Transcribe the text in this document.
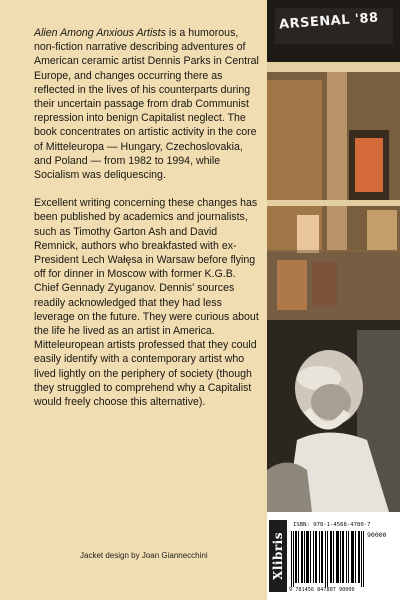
Alien Among Anxious Artists is a humorous, non-fiction narrative describing adventures of American ceramic artist Dennis Parks in Central Europe, and changes occurring there as reflected in the lives of his counterparts during their uncertain passage from drab Communist repression into benign Capitalist neglect. The book concentrates on artistic activity in the core of Mitteleuropa — Hungary, Czechoslovakia, and Poland — from 1982 to 1994, while Socialism was deliquescing.

Excellent writing concerning these changes has been published by academics and journalists, such as Timothy Garton Ash and David Remnick, authors who breakfasted with ex-President Lech Wałęsa in Warsaw before flying off for dinner in Moscow with former K.G.B. Chief Gennady Zyuganov. Dennis' sources readily acknowledged that they had less leverage on the future. They were curious about the life he lived as an artist in America. Mitteleuropean artists professed that they could easily identify with a contemporary artist who lived lightly on the periphery of society (though they struggled to comprehend why a Capitalist would freely choose this alternative).

Jacket design by Joan Giannecchini
ARSENAL '88
Xlibris
ISBN: 978-1-4568-4780-7
90000
9 781456 847807 90000
